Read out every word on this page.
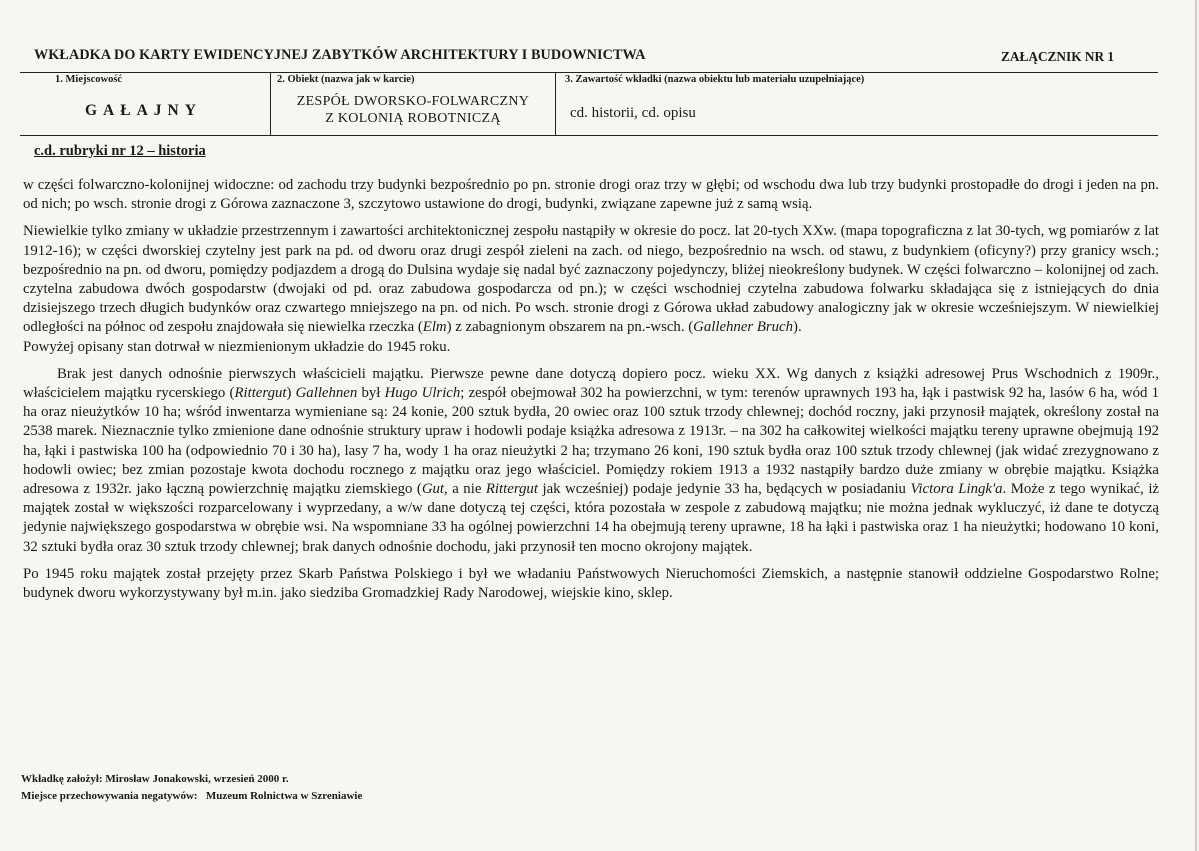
WKŁADKA DO KARTY EWIDENCYJNEJ ZABYTKÓW ARCHITEKTURY I BUDOWNICTWA	ZAŁĄCZNIK NR 1
1. Miejscowość
GAŁAJNY
2. Obiekt (nazwa jak w karcie)
ZESPÓŁ DWORSKO-FOLWARCZNY
Z KOLONIĄ ROBOTNICZĄ
3. Zawartość wkładki (nazwa obiektu lub materiału uzupełniające)
cd. historii, cd. opisu
c.d. rubryki nr 12 – historia

w części folwarczno-kolonijnej widoczne: od zachodu trzy budynki bezpośrednio po pn. stronie drogi oraz trzy w głębi; od wschodu dwa lub trzy budynki prostopadłe do drogi i jeden na pn. od nich; po wsch. stronie drogi z Górowa zaznaczone 3, szczytowo ustawione do drogi, budynki, związane zapewne już z samą wsią.

Niewielkie tylko zmiany w układzie przestrzennym i zawartości architektonicznej zespołu nastąpiły w okresie do pocz. lat 20-tych XXw. (mapa topograficzna z lat 30-tych, wg pomiarów z lat 1912-16); w części dworskiej czytelny jest park na pd. od dworu oraz drugi zespół zieleni na zach. od niego, bezpośrednio na wsch. od stawu, z budynkiem (oficyny?) przy granicy wsch.; bezpośrednio na pn. od dworu, pomiędzy podjazdem a drogą do Dulsina wydaje się nadal być zaznaczony pojedynczy, bliżej nieokreślony budynek. W części folwarczno – kolonijnej od zach. czytelna zabudowa dwóch gospodarstw (dwojaki od pd. oraz zabudowa gospodarcza od pn.); w części wschodniej czytelna zabudowa folwarku składająca się z istniejących do dnia dzisiejszego trzech długich budynków oraz czwartego mniejszego na pn. od nich. Po wsch. stronie drogi z Górowa układ zabudowy analogiczny jak w okresie wcześniejszym. W niewielkiej odległości na północ od zespołu znajdowała się niewielka rzeczka (Elm) z zabagnionym obszarem na pn.-wsch. (Gallehner Bruch).

Powyżej opisany stan dotrwał w niezmienionym układzie do 1945 roku.

Brak jest danych odnośnie pierwszych właścicieli majątku. Pierwsze pewne dane dotyczą dopiero pocz. wieku XX. Wg danych z książki adresowej Prus Wschodnich z 1909r., właścicielem majątku rycerskiego (Rittergut) Gallehnen był Hugo Ulrich; zespół obejmował 302 ha powierzchni, w tym: terenów uprawnych 193 ha, łąk i pastwisk 92 ha, lasów 6 ha, wód 1 ha oraz nieużytków 10 ha; wśród inwentarza wymieniane są: 24 konie, 200 sztuk bydła, 20 owiec oraz 100 sztuk trzody chlewnej; dochód roczny, jaki przynosił majątek, określony został na 2538 marek. Nieznacznie tylko zmienione dane odnośnie struktury upraw i hodowli podaje książka adresowa z 1913r. – na 302 ha całkowitej wielkości majątku tereny uprawne obejmują 192 ha, łąki i pastwiska 100 ha (odpowiednio 70 i 30 ha), lasy 7 ha, wody 1 ha oraz nieużytki 2 ha; trzymano 26 koni, 190 sztuk bydła oraz 100 sztuk trzody chlewnej (jak widać zrezygnowano z hodowli owiec; bez zmian pozostaje kwota dochodu rocznego z majątku oraz jego właściciel. Pomiędzy rokiem 1913 a 1932 nastąpiły bardzo duże zmiany w obrębie majątku. Książka adresowa z 1932r. jako łączną powierzchnię majątku ziemskiego (Gut, a nie Rittergut jak wcześniej) podaje jedynie 33 ha, będących w posiadaniu Victora Lingk'a. Może z tego wynikać, iż majątek został w większości rozparcelowany i wyprzedany, a w/w dane dotyczą tej części, która pozostała w zespole z zabudową majątku; nie można jednak wykluczyć, iż dane te dotyczą jedynie największego gospodarstwa w obrębie wsi. Na wspomniane 33 ha ogólnej powierzchni 14 ha obejmują tereny uprawne, 18 ha łąki i pastwiska oraz 1 ha nieużytki; hodowano 10 koni, 32 sztuki bydła oraz 30 sztuk trzody chlewnej; brak danych odnośnie dochodu, jaki przynosił ten mocno okrojony majątek.

Po 1945 roku majątek został przejęty przez Skarb Państwa Polskiego i był we władaniu Państwowych Nieruchomości Ziemskich, a następnie stanowił oddzielne Gospodarstwo Rolne; budynek dworu wykorzystywany był m.in. jako siedziba Gromadzkiej Rady Narodowej, wiejskie kino, sklep.

Wkładkę założył: Mirosław Jonakowski, wrzesień 2000 r.
Miejsce przechowywania negatywów:   Muzeum Rolnictwa w Szreniawie
